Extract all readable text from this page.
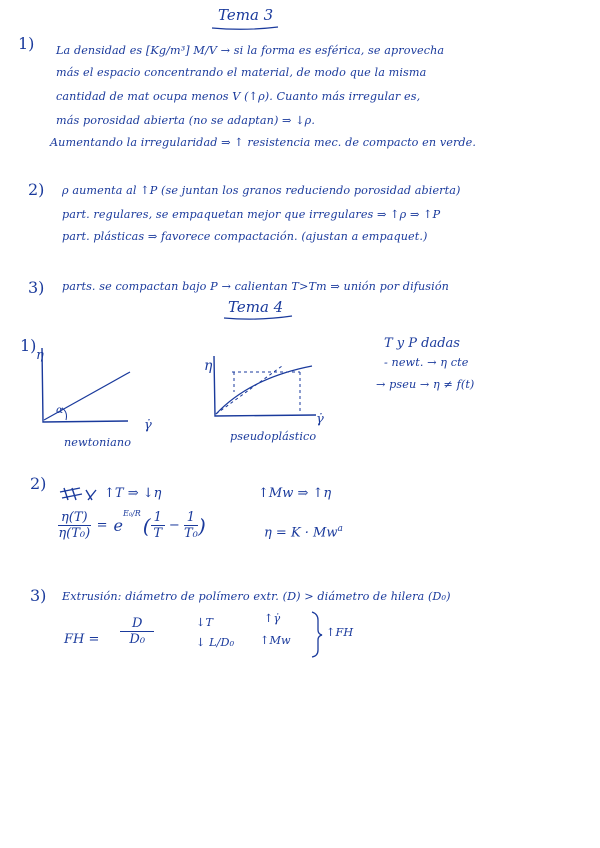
Tema 3
1) La densidad es [Kg/m³] M/V → si la forma es esférica, se aprovecha
más el espacio concentrando el material, de modo que la misma
cantidad de mat ocupa menos V (↑ρ). Cuanto más irregular es,
más porosidad abierta (no se adaptan) ⇒ ↓ρ.
Aumentando la irregularidad ⇒ ↑ resistencia mec. de compacto en verde.
2) ρ aumenta al ↑P (se juntan los granos reduciendo porosidad abierta)
part. regulares, se empaquetan mejor que irregulares ⇒ ↑ρ ⇒ ↑P
part. plásticas ⇒ favorece compactación. (ajustan a empaquet.)
3) parts. se compactan bajo P → calientan T>Tm ⇒ unión por difusión
Tema 4
1)
η
γ̇
α
newtoniano
η
γ̇
pseudoplástico
T y P dadas
- newt. → η cte
→ pseu → η ≠ f(t)
2)
↑T ⇒ ↓η	↑Mw ⇒ ↑η
$\frac{\eta(T)}{\text{η(T₀)}} = e$
E₀/R ( $\frac{1}{T} - \frac{1}{\text{T₀}}$ )	$\eta = K \cdot Mw^a$
3) Extrusión: diámetro de polímero extr. (D) > diámetro de hilera (D₀)
FH = $\frac{D}{\text{D₀}}$	↓T
↓ L/D₀
↑γ̇
↑Mw
↑FH
